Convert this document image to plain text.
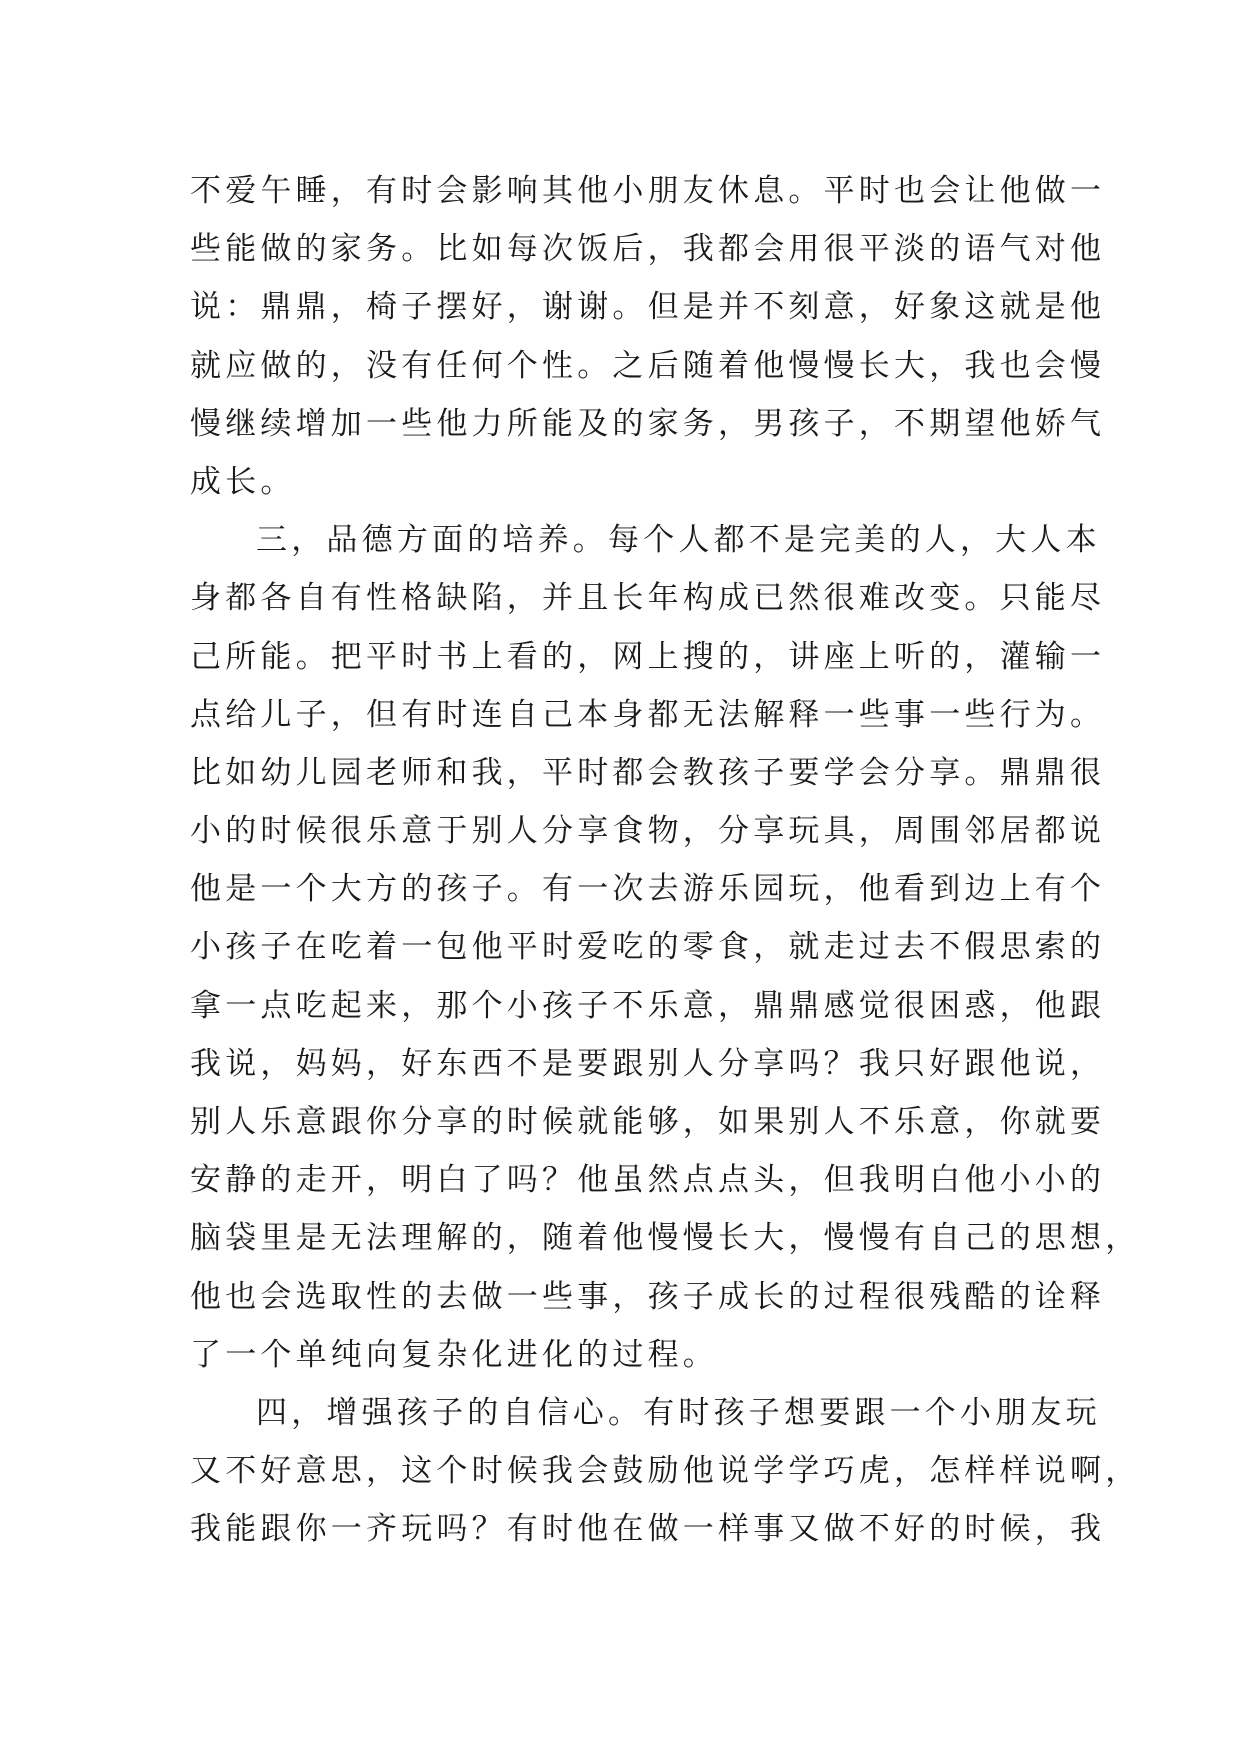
不爱午睡，有时会影响其他小朋友休息。平时也会让他做一
些能做的家务。比如每次饭后，我都会用很平淡的语气对他
说：鼎鼎，椅子摆好，谢谢。但是并不刻意，好象这就是他
就应做的，没有任何个性。之后随着他慢慢长大，我也会慢
慢继续增加一些他力所能及的家务，男孩子，不期望他娇气
成长。
三，品德方面的培养。每个人都不是完美的人，大人本
身都各自有性格缺陷，并且长年构成已然很难改变。只能尽
己所能。把平时书上看的，网上搜的，讲座上听的，灌输一
点给儿子，但有时连自己本身都无法解释一些事一些行为。
比如幼儿园老师和我，平时都会教孩子要学会分享。鼎鼎很
小的时候很乐意于别人分享食物，分享玩具，周围邻居都说
他是一个大方的孩子。有一次去游乐园玩，他看到边上有个
小孩子在吃着一包他平时爱吃的零食，就走过去不假思索的
拿一点吃起来，那个小孩子不乐意，鼎鼎感觉很困惑，他跟
我说，妈妈，好东西不是要跟别人分享吗？我只好跟他说，
别人乐意跟你分享的时候就能够，如果别人不乐意，你就要
安静的走开，明白了吗？他虽然点点头，但我明白他小小的
脑袋里是无法理解的，随着他慢慢长大，慢慢有自己的思想，
他也会选取性的去做一些事，孩子成长的过程很残酷的诠释
了一个单纯向复杂化进化的过程。
四，增强孩子的自信心。有时孩子想要跟一个小朋友玩
又不好意思，这个时候我会鼓励他说学学巧虎，怎样样说啊，
我能跟你一齐玩吗？有时他在做一样事又做不好的时候，我
